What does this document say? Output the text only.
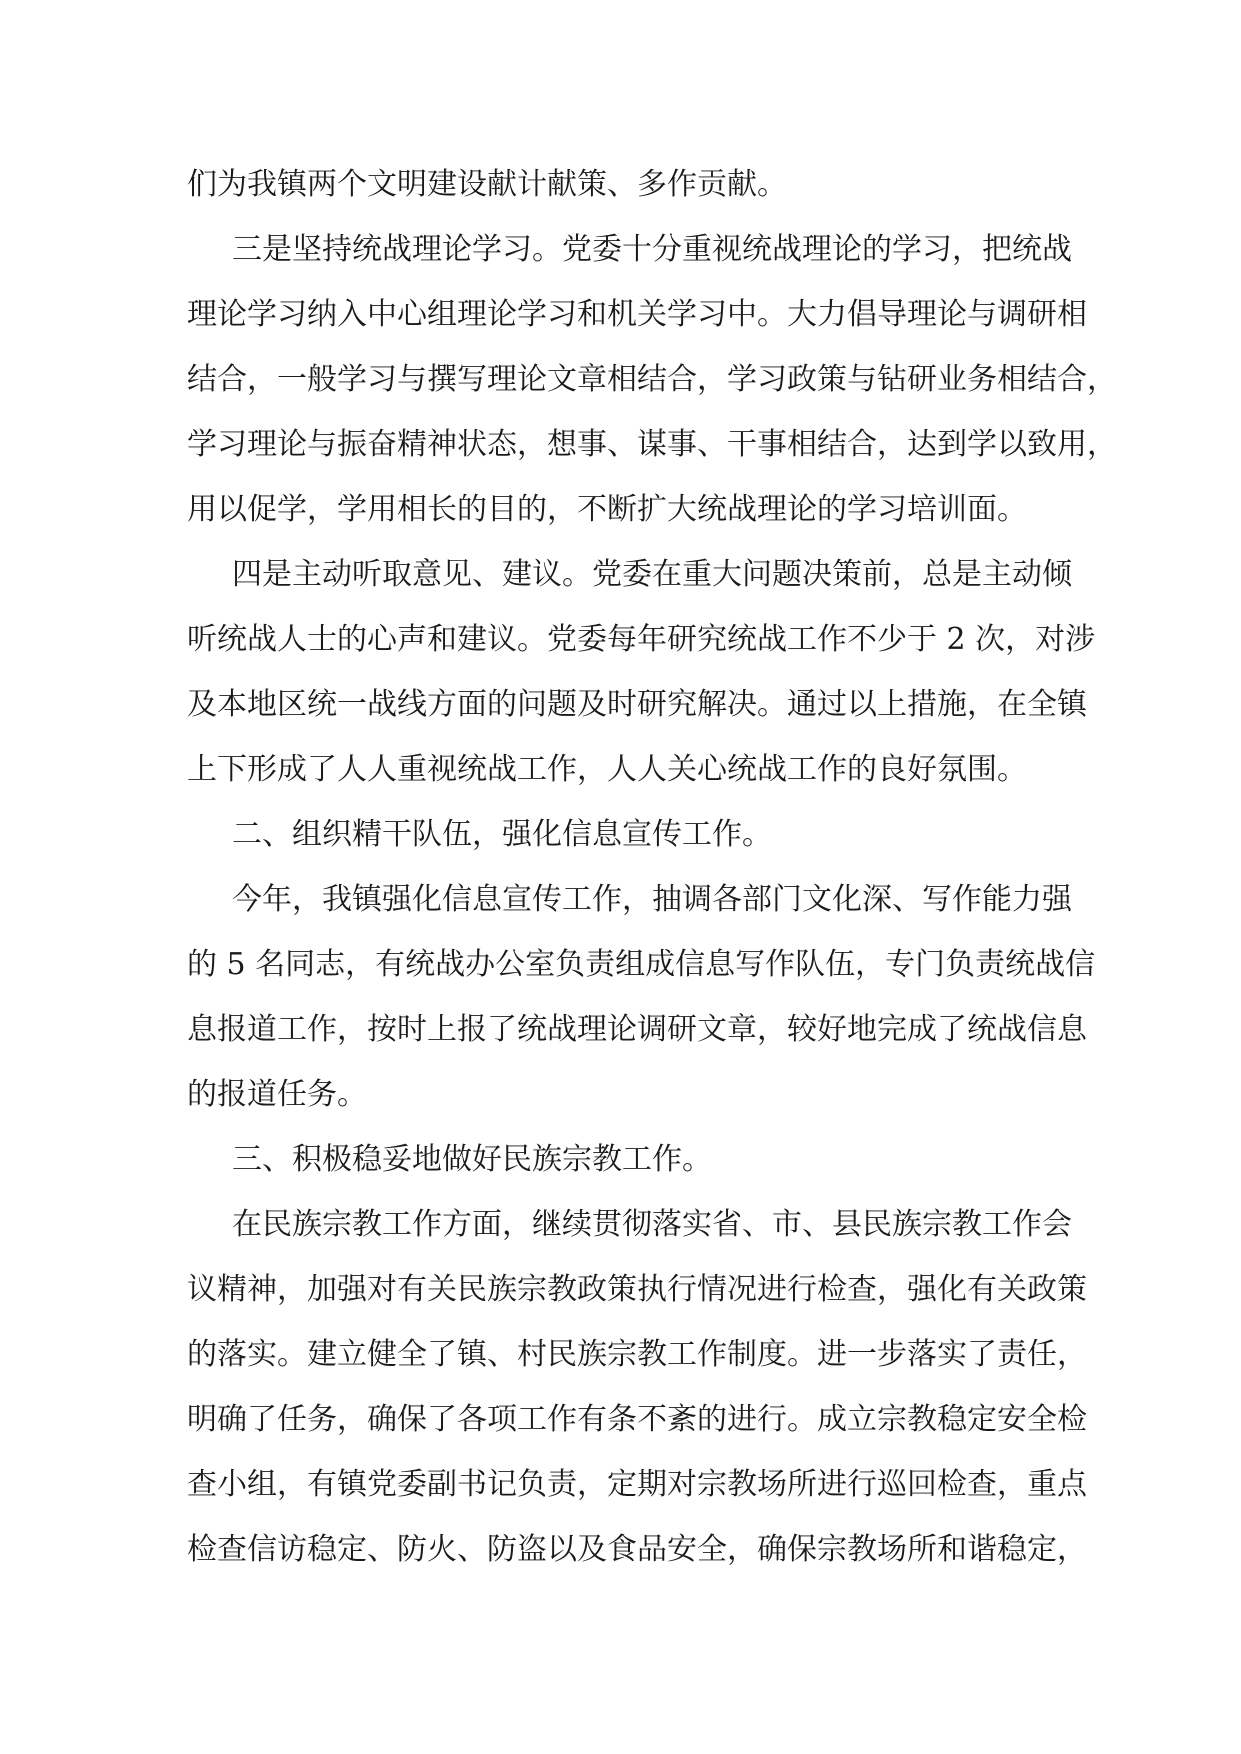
们为我镇两个文明建设献计献策、多作贡献。
三是坚持统战理论学习。党委十分重视统战理论的学习，把统战
理论学习纳入中心组理论学习和机关学习中。大力倡导理论与调研相
结合，一般学习与撰写理论文章相结合，学习政策与钻研业务相结合，
学习理论与振奋精神状态，想事、谋事、干事相结合，达到学以致用，
用以促学，学用相长的目的，不断扩大统战理论的学习培训面。
四是主动听取意见、建议。党委在重大问题决策前，总是主动倾
听统战人士的心声和建议。党委每年研究统战工作不少于 2 次，对涉
及本地区统一战线方面的问题及时研究解决。通过以上措施，在全镇
上下形成了人人重视统战工作，人人关心统战工作的良好氛围。
二、组织精干队伍，强化信息宣传工作。
今年，我镇强化信息宣传工作，抽调各部门文化深、写作能力强
的 5 名同志，有统战办公室负责组成信息写作队伍，专门负责统战信
息报道工作，按时上报了统战理论调研文章，较好地完成了统战信息
的报道任务。
三、积极稳妥地做好民族宗教工作。
在民族宗教工作方面，继续贯彻落实省、市、县民族宗教工作会
议精神，加强对有关民族宗教政策执行情况进行检查，强化有关政策
的落实。建立健全了镇、村民族宗教工作制度。进一步落实了责任，
明确了任务，确保了各项工作有条不紊的进行。成立宗教稳定安全检
查小组，有镇党委副书记负责，定期对宗教场所进行巡回检查，重点
检查信访稳定、防火、防盗以及食品安全，确保宗教场所和谐稳定，
